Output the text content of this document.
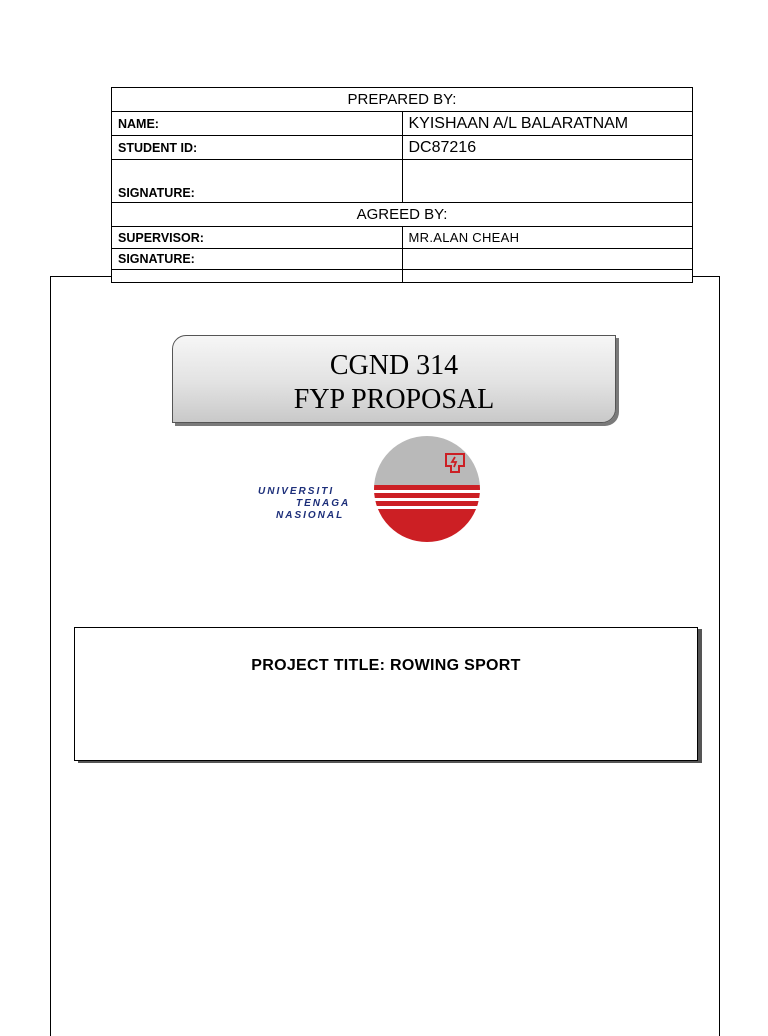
PREPARED BY:	
NAME:	KYISHAAN A/L BALARATNAM
STUDENT ID:	DC87216
SIGNATURE:	
AGREED BY:	
SUPERVISOR:	MR.ALAN CHEAH
SIGNATURE:	

CGND 314
FYP PROPOSAL
UNIVERSITI
TENAGA
NASIONAL
PROJECT TITLE: ROWING SPORT
